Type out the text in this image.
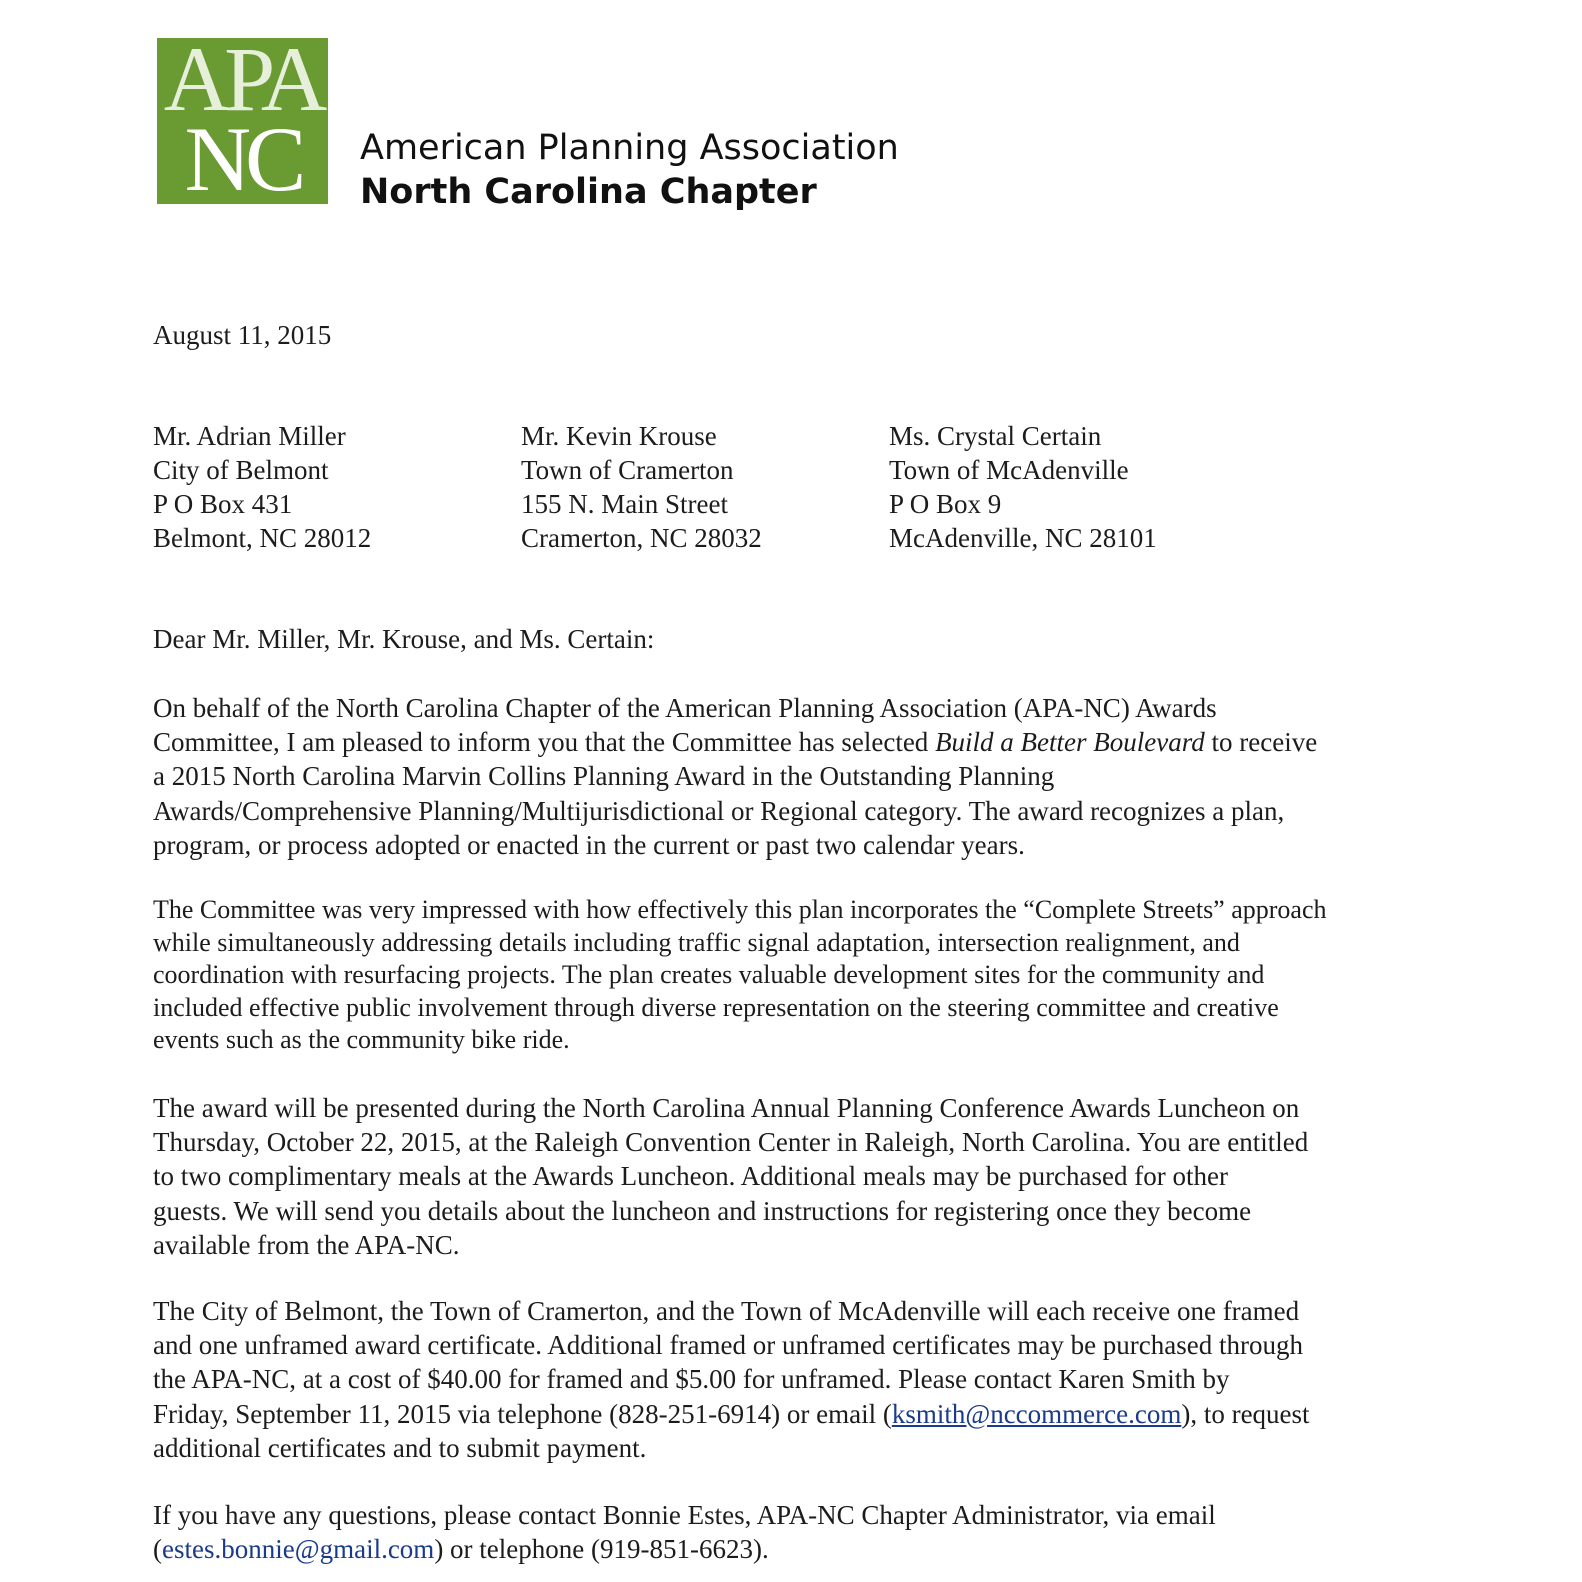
APA
NC	American Planning Association
North Carolina Chapter
August 11, 2015
Mr. Adrian Miller
City of Belmont
P O Box 431
Belmont, NC 28012
Mr. Kevin Krouse
Town of Cramerton
155 N. Main Street
Cramerton, NC 28032
Ms. Crystal Certain
Town of McAdenville
P O Box 9
McAdenville, NC 28101
Dear Mr. Miller, Mr. Krouse, and Ms. Certain:
On behalf of the North Carolina Chapter of the American Planning Association (APA-NC) Awards
Committee, I am pleased to inform you that the Committee has selected Build a Better Boulevard to receive
a 2015 North Carolina Marvin Collins Planning Award in the Outstanding Planning
Awards/Comprehensive Planning/Multijurisdictional or Regional category. The award recognizes a plan,
program, or process adopted or enacted in the current or past two calendar years.
The Committee was very impressed with how effectively this plan incorporates the “Complete Streets” approach
while simultaneously addressing details including traffic signal adaptation, intersection realignment, and
coordination with resurfacing projects. The plan creates valuable development sites for the community and
included effective public involvement through diverse representation on the steering committee and creative
events such as the community bike ride.
The award will be presented during the North Carolina Annual Planning Conference Awards Luncheon on
Thursday, October 22, 2015, at the Raleigh Convention Center in Raleigh, North Carolina. You are entitled
to two complimentary meals at the Awards Luncheon. Additional meals may be purchased for other
guests. We will send you details about the luncheon and instructions for registering once they become
available from the APA-NC.
The City of Belmont, the Town of Cramerton, and the Town of McAdenville will each receive one framed
and one unframed award certificate. Additional framed or unframed certificates may be purchased through
the APA-NC, at a cost of $40.00 for framed and $5.00 for unframed. Please contact Karen Smith by
Friday, September 11, 2015 via telephone (828-251-6914) or email (ksmith@nccommerce.com), to request
additional certificates and to submit payment.
If you have any questions, please contact Bonnie Estes, APA-NC Chapter Administrator, via email
(estes.bonnie@gmail.com) or telephone (919-851-6623).
